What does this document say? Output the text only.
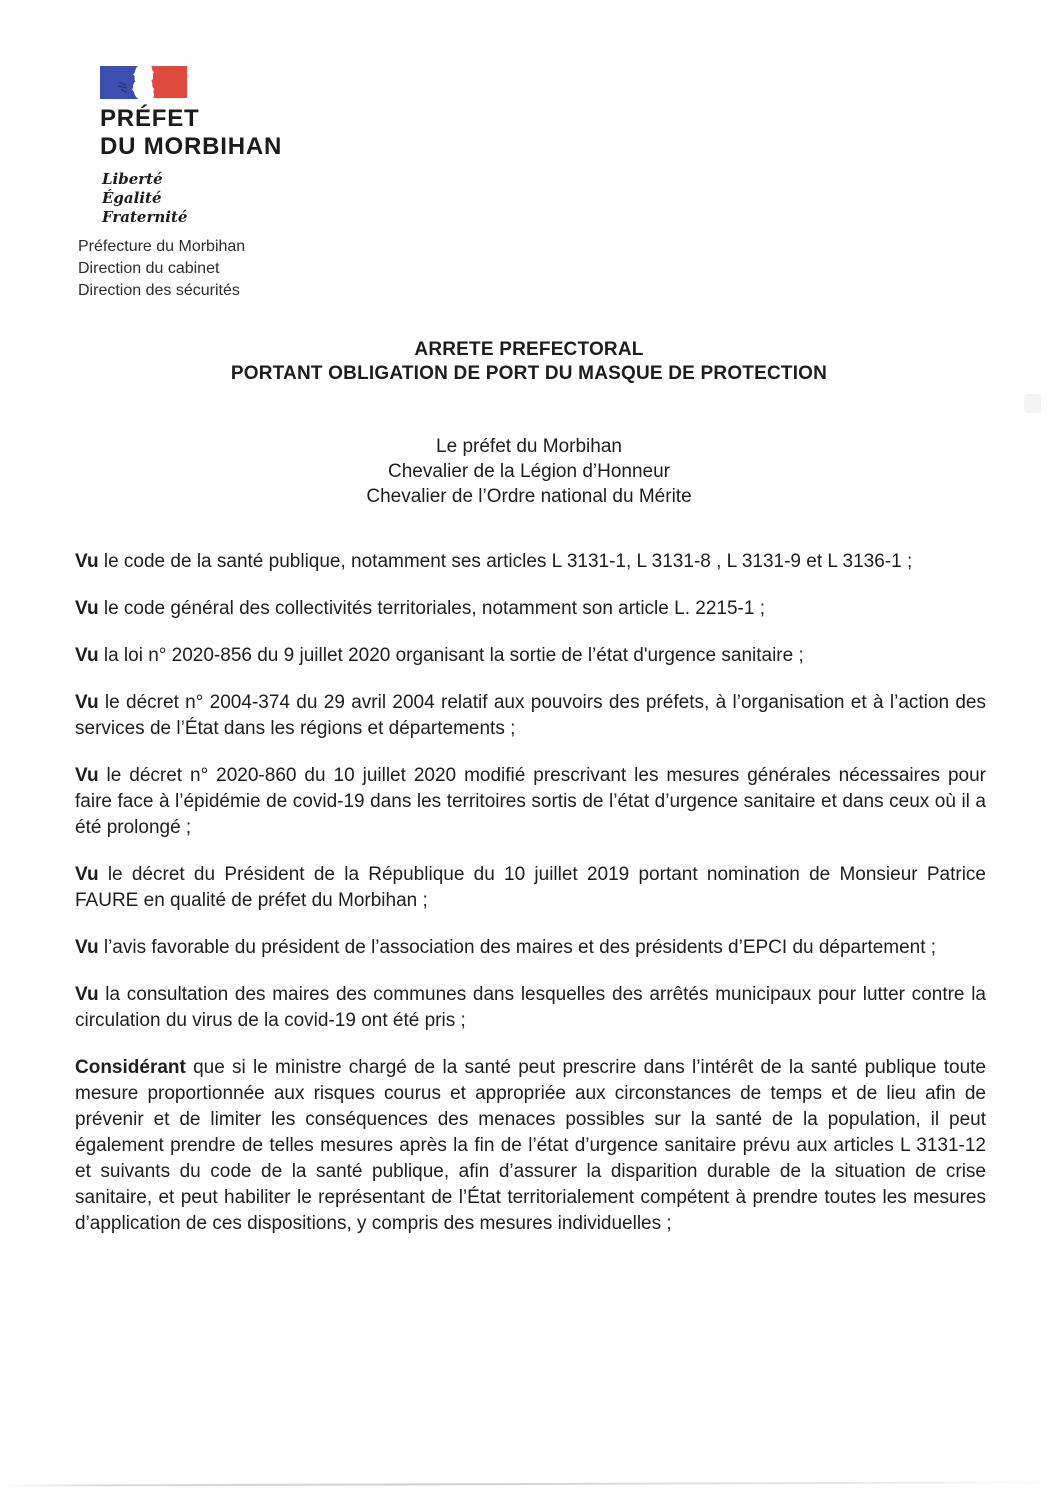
PRÉFET
DU MORBIHAN
Liberté
Égalité
Fraternité
Préfecture du Morbihan
Direction du cabinet
Direction des sécurités
ARRETE PREFECTORAL
PORTANT OBLIGATION DE PORT DU MASQUE DE PROTECTION
Le préfet du Morbihan
Chevalier de la Légion d’Honneur
Chevalier de l’Ordre national du Mérite

Vu le code de la santé publique, notamment ses articles L 3131-1, L 3131-8 , L 3131-9 et L 3136-1 ;

Vu le code général des collectivités territoriales, notamment son article L. 2215-1 ;

Vu la loi n° 2020-856 du 9 juillet 2020 organisant la sortie de l’état d'urgence sanitaire ;

Vu le décret n° 2004-374 du 29 avril 2004 relatif aux pouvoirs des préfets, à l’organisation et à l’action des services de l’État dans les régions et départements ;

Vu le décret n° 2020-860 du 10 juillet 2020 modifié prescrivant les mesures générales nécessaires pour faire face à l’épidémie de covid-19 dans les territoires sortis de l’état d’urgence sanitaire et dans ceux où il a été prolongé ;

Vu le décret du Président de la République du 10 juillet 2019 portant nomination de Monsieur Patrice FAURE en qualité de préfet du Morbihan ;

Vu l’avis favorable du président de l’association des maires et des présidents d’EPCI du département ;

Vu la consultation des maires des communes dans lesquelles des arrêtés municipaux pour lutter contre la circulation du virus de la covid-19 ont été pris ;

Considérant que si le ministre chargé de la santé peut prescrire dans l’intérêt de la santé publique toute mesure proportionnée aux risques courus et appropriée aux circonstances de temps et de lieu afin de prévenir et de limiter les conséquences des menaces possibles sur la santé de la population, il peut également prendre de telles mesures après la fin de l’état d’urgence sanitaire prévu aux articles L 3131-12 et suivants du code de la santé publique, afin d’assurer la disparition durable de la situation de crise sanitaire, et peut habiliter le représentant de l’État territorialement compétent à prendre toutes les mesures d’application de ces dispositions, y compris des mesures individuelles ;
